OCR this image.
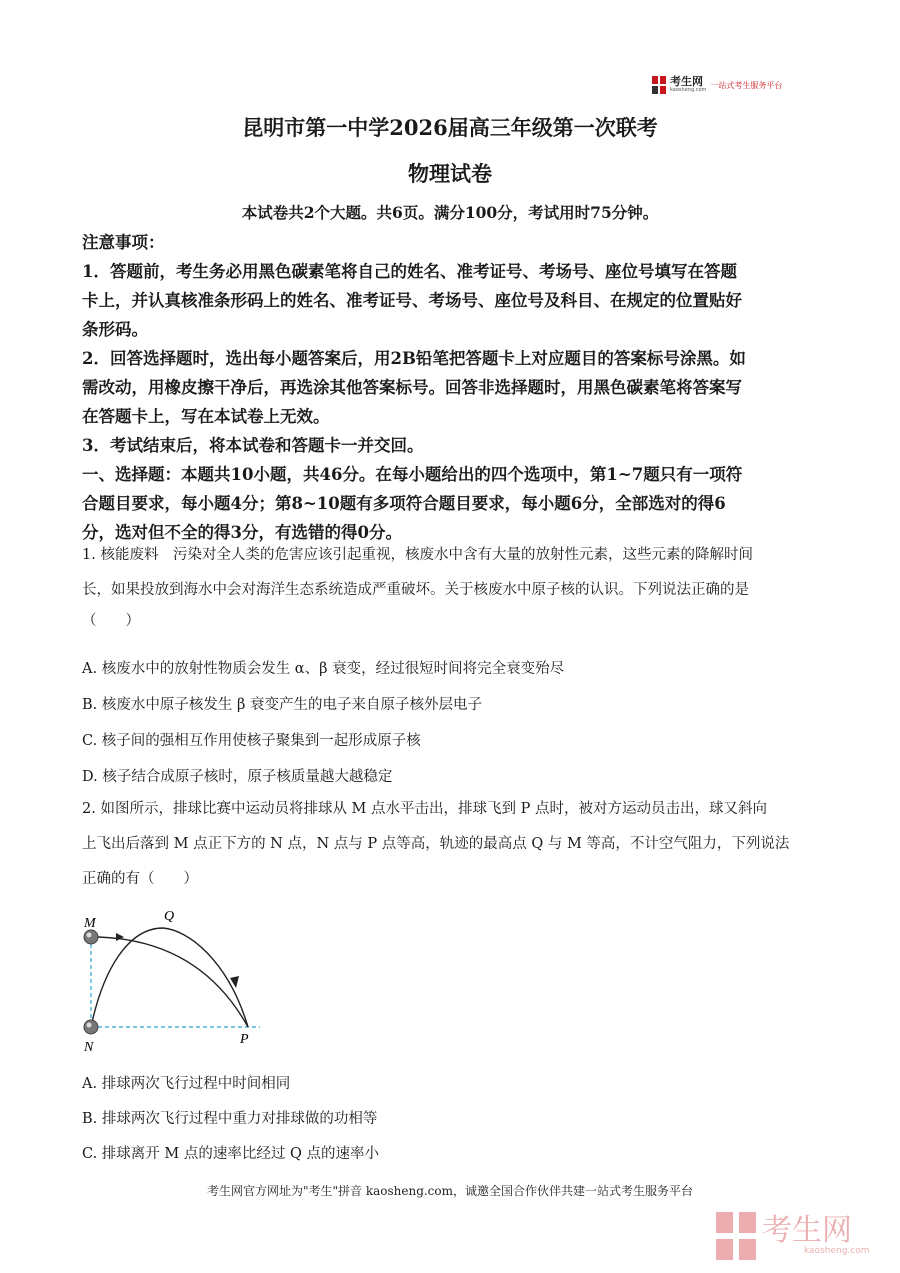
考生网
kaosheng.com
一站式考生服务平台
昆明市第一中学2026届高三年级第一次联考
物理试卷
本试卷共2个大题。共6页。满分100分，考试用时75分钟。
注意事项：
1．答题前，考生务必用黑色碳素笔将自己的姓名、准考证号、考场号、座位号填写在答题
卡上，并认真核准条形码上的姓名、准考证号、考场号、座位号及科目、在规定的位置贴好
条形码。
2．回答选择题时，选出每小题答案后，用2B铅笔把答题卡上对应题目的答案标号涂黑。如
需改动，用橡皮擦干净后，再选涂其他答案标号。回答非选择题时，用黑色碳素笔将答案写
在答题卡上，写在本试卷上无效。
3．考试结束后，将本试卷和答题卡一并交回。
一、选择题：本题共10小题，共46分。在每小题给出的四个选项中，第1~7题只有一项符
合题目要求，每小题4分；第8~10题有多项符合题目要求，每小题6分，全部选对的得6
分，选对但不全的得3分，有选错的得0分。
1. 核能废料　污染对全人类的危害应该引起重视，核废水中含有大量的放射性元素，这些元素的降解时间
长，如果投放到海水中会对海洋生态系统造成严重破坏。关于核废水中原子核的认识。下列说法正确的是
（　　）
A. 核废水中的放射性物质会发生 α、β 衰变，经过很短时间将完全衰变殆尽
B. 核废水中原子核发生 β 衰变产生的电子来自原子核外层电子
C. 核子间的强相互作用使核子聚集到一起形成原子核
D. 核子结合成原子核时，原子核质量越大越稳定
2. 如图所示，排球比赛中运动员将排球从 M 点水平击出，排球飞到 P 点时，被对方运动员击出，球又斜向
上飞出后落到 M 点正下方的 N 点，N 点与 P 点等高，轨迹的最高点 Q 与 M 等高，不计空气阻力，下列说法
正确的有（　　）
M	Q
N
P
A. 排球两次飞行过程中时间相同
B. 排球两次飞行过程中重力对排球做的功相等
C. 排球离开 M 点的速率比经过 Q 点的速率小
考生网官方网址为"考生"拼音 kaosheng.com，诚邀全国合作伙伴共建一站式考生服务平台
考生网
kaosheng.com
